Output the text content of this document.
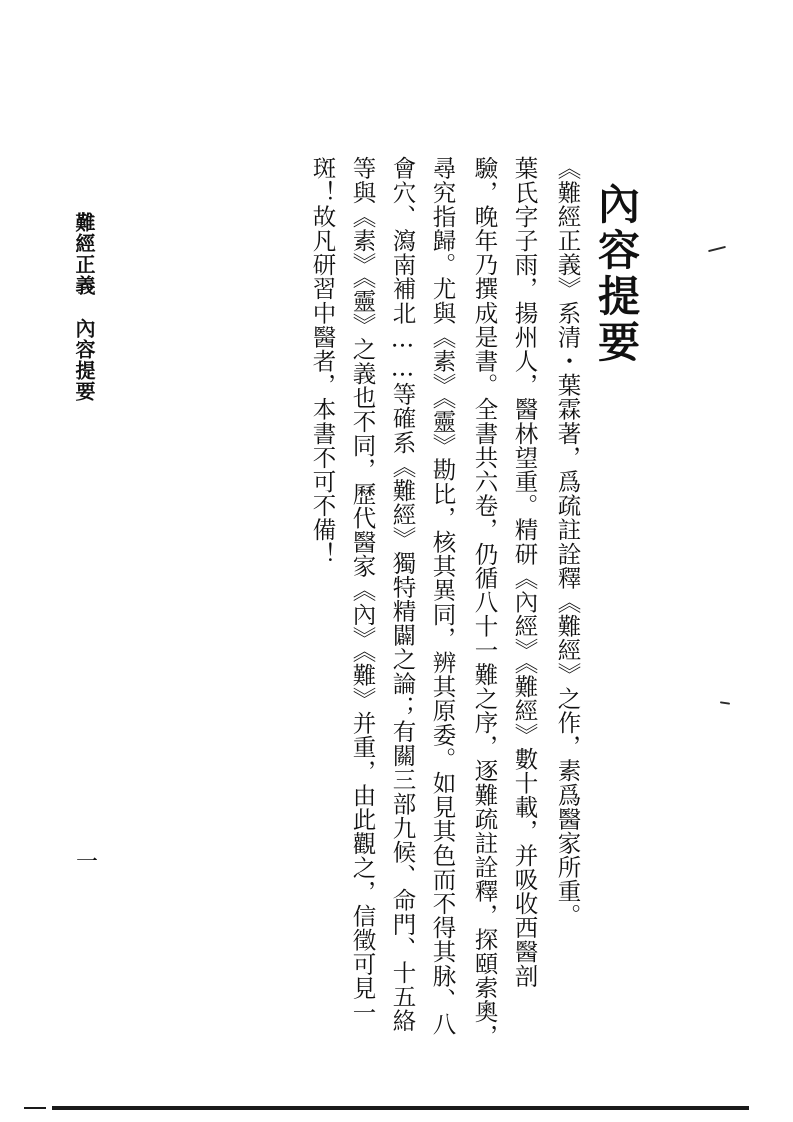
內容提要

《難經正義》系清・葉霖著，爲疏註詮釋《難經》之作，素爲醫家所重。

葉氏字子雨，揚州人，醫林望重。精研《內經》《難經》數十載，并吸收西醫剖

驗，晚年乃撰成是書。全書共六卷，仍循八十一難之序，逐難疏註詮釋，探頤索奧，

尋究指歸。尤與《素》《靈》勘比，核其異同，辨其原委。如見其色而不得其脉、八

會穴、瀉南補北……等確系《難經》獨特精闢之論；有關三部九候、命門、十五絡

等與《素》《靈》之義也不同，歷代醫家《內》《難》并重，由此觀之，信徵可見一

斑！故凡研習中醫者，本書不可不備！

難經正義內容提要
一
